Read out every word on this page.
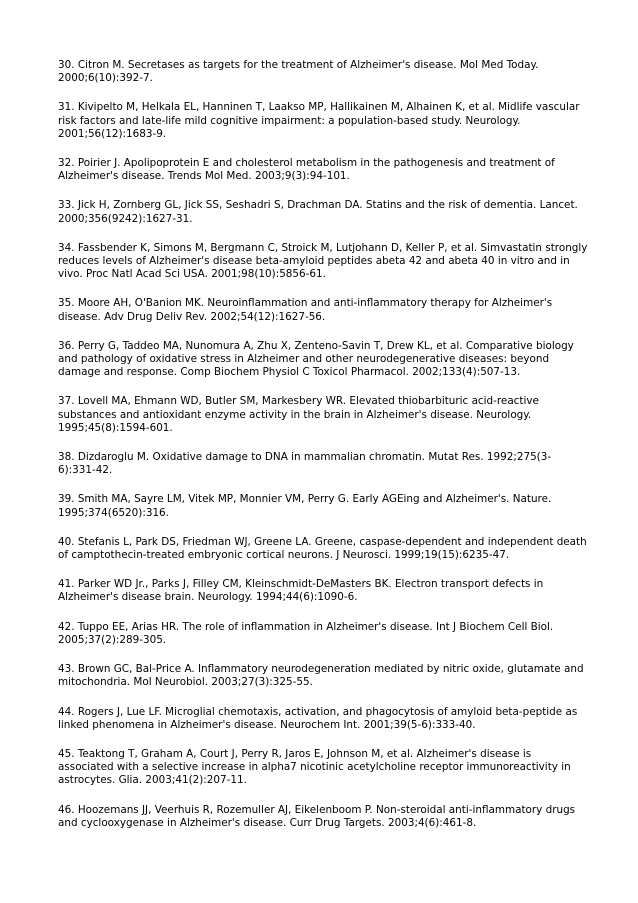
30. Citron M. Secretases as targets for the treatment of Alzheimer's disease. Mol Med Today. 2000;6(10):392-7.

31. Kivipelto M, Helkala EL, Hanninen T, Laakso MP, Hallikainen M, Alhainen K, et al. Midlife vascular risk factors and late-life mild cognitive impairment: a population-based study. Neurology. 2001;56(12):1683-9.

32. Poirier J. Apolipoprotein E and cholesterol metabolism in the pathogenesis and treatment of Alzheimer's disease. Trends Mol Med. 2003;9(3):94-101.

33. Jick H, Zornberg GL, Jick SS, Seshadri S, Drachman DA. Statins and the risk of dementia. Lancet. 2000;356(9242):1627-31.

34. Fassbender K, Simons M, Bergmann C, Stroick M, Lutjohann D, Keller P, et al. Simvastatin strongly reduces levels of Alzheimer's disease beta-amyloid peptides abeta 42 and abeta 40 in vitro and in vivo. Proc Natl Acad Sci USA. 2001;98(10):5856-61.

35. Moore AH, O'Banion MK. Neuroinflammation and anti-inflammatory therapy for Alzheimer's disease. Adv Drug Deliv Rev. 2002;54(12):1627-56.

36. Perry G, Taddeo MA, Nunomura A, Zhu X, Zenteno-Savin T, Drew KL, et al. Comparative biology and pathology of oxidative stress in Alzheimer and other neurodegenerative diseases: beyond damage and response. Comp Biochem Physiol C Toxicol Pharmacol. 2002;133(4):507-13.

37. Lovell MA, Ehmann WD, Butler SM, Markesbery WR. Elevated thiobarbituric acid-reactive substances and antioxidant enzyme activity in the brain in Alzheimer's disease. Neurology. 1995;45(8):1594-601.

38. Dizdaroglu M. Oxidative damage to DNA in mammalian chromatin. Mutat Res. 1992;275(3-6):331-42.

39. Smith MA, Sayre LM, Vitek MP, Monnier VM, Perry G. Early AGEing and Alzheimer's. Nature. 1995;374(6520):316.

40. Stefanis L, Park DS, Friedman WJ, Greene LA. Greene, caspase-dependent and independent death of camptothecin-treated embryonic cortical neurons. J Neurosci. 1999;19(15):6235-47.

41. Parker WD Jr., Parks J, Filley CM, Kleinschmidt-DeMasters BK. Electron transport defects in Alzheimer's disease brain. Neurology. 1994;44(6):1090-6.

42. Tuppo EE, Arias HR. The role of inflammation in Alzheimer's disease. Int J Biochem Cell Biol. 2005;37(2):289-305.

43. Brown GC, Bal-Price A. Inflammatory neurodegeneration mediated by nitric oxide, glutamate and mitochondria. Mol Neurobiol. 2003;27(3):325-55.

44. Rogers J, Lue LF. Microglial chemotaxis, activation, and phagocytosis of amyloid beta-peptide as linked phenomena in Alzheimer's disease. Neurochem Int. 2001;39(5-6):333-40.

45. Teaktong T, Graham A, Court J, Perry R, Jaros E, Johnson M, et al. Alzheimer's disease is associated with a selective increase in alpha7 nicotinic acetylcholine receptor immunoreactivity in astrocytes. Glia. 2003;41(2):207-11.

46. Hoozemans JJ, Veerhuis R, Rozemuller AJ, Eikelenboom P. Non-steroidal anti-inflammatory drugs and cyclooxygenase in Alzheimer's disease. Curr Drug Targets. 2003;4(6):461-8.
